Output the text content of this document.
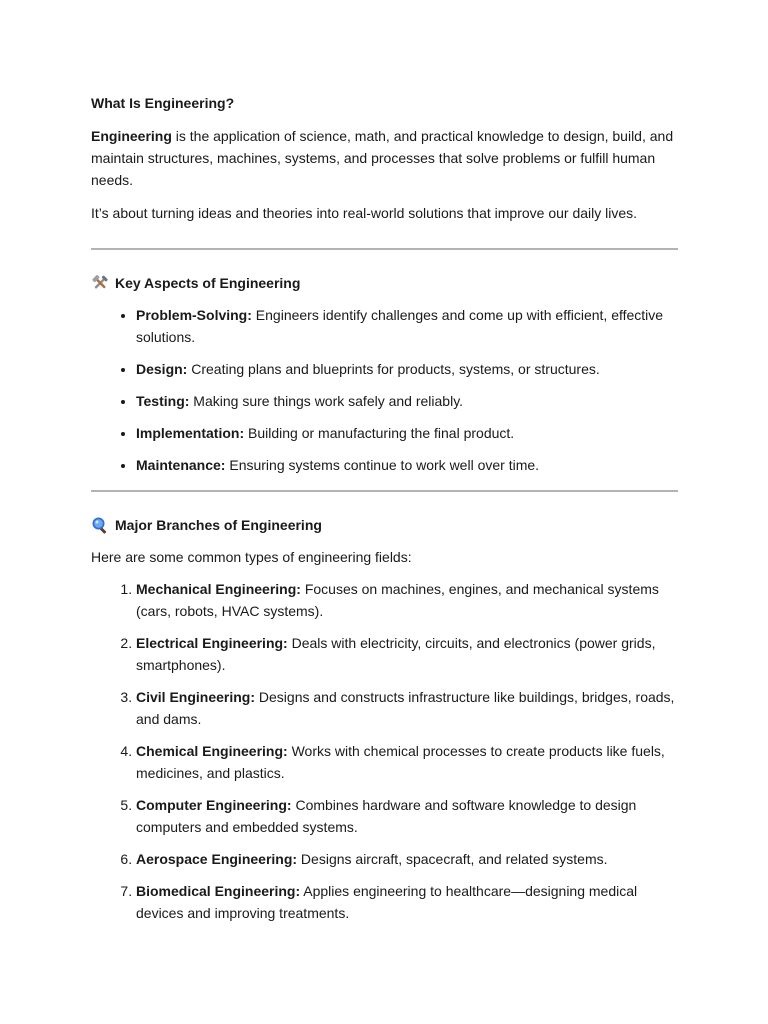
What Is Engineering?

Engineering is the application of science, math, and practical knowledge to design, build, and maintain structures, machines, systems, and processes that solve problems or fulfill human needs.

It’s about turning ideas and theories into real-world solutions that improve our daily lives.

Key Aspects of Engineering
• Problem-Solving: Engineers identify challenges and come up with efficient, effective solutions.
• Design: Creating plans and blueprints for products, systems, or structures.
• Testing: Making sure things work safely and reliably.
• Implementation: Building or manufacturing the final product.
• Maintenance: Ensuring systems continue to work well over time.
Major Branches of Engineering

Here are some common types of engineering fields:

1. Mechanical Engineering: Focuses on machines, engines, and mechanical systems (cars, robots, HVAC systems).
2. Electrical Engineering: Deals with electricity, circuits, and electronics (power grids, smartphones).
3. Civil Engineering: Designs and constructs infrastructure like buildings, bridges, roads, and dams.
4. Chemical Engineering: Works with chemical processes to create products like fuels, medicines, and plastics.
5. Computer Engineering: Combines hardware and software knowledge to design computers and embedded systems.
6. Aerospace Engineering: Designs aircraft, spacecraft, and related systems.
7. Biomedical Engineering: Applies engineering to healthcare—designing medical devices and improving treatments.
